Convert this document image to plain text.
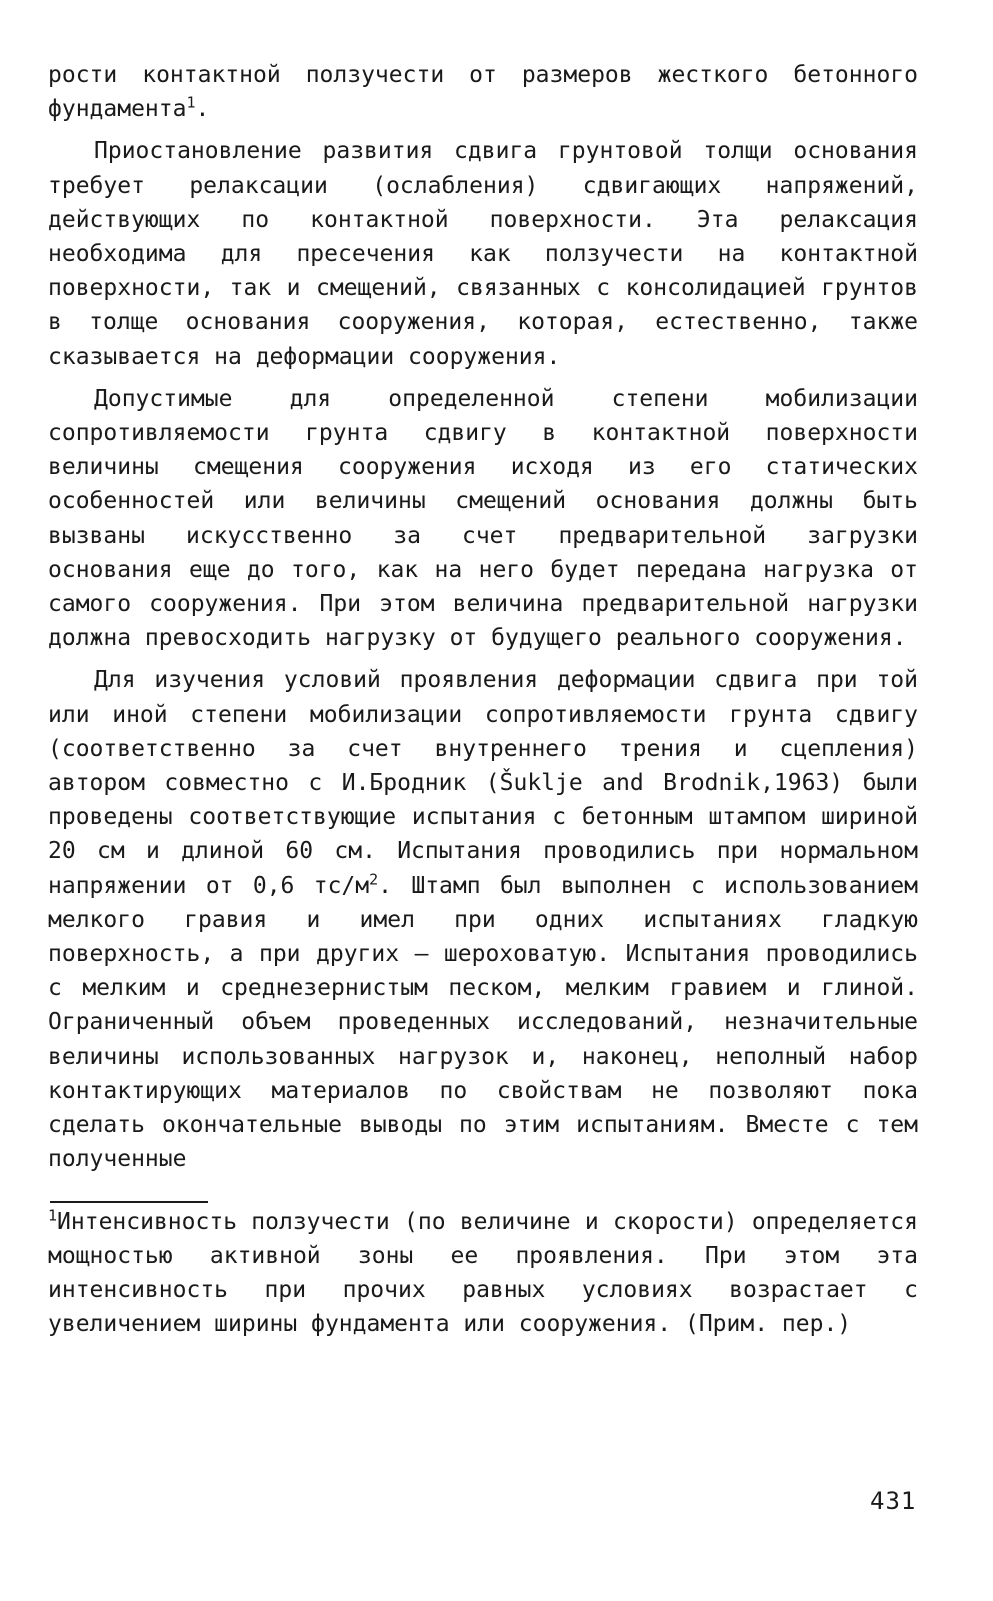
рости контактной ползучести от размеров жесткого бетонного фундамента$^1$.

Приостановление развития сдвига грунтовой толщи основания требует релаксации (ослабления) сдвигающих напряжений, действующих по контактной поверхности. Эта релаксация необходима для пресечения как ползучести на контактной поверхности, так и смещений, связанных с консолидацией грунтов в толще основания сооружения, которая, естественно, также сказывается на деформации сооружения.

Допустимые для определенной степени мобилизации сопротивляемости грунта сдвигу в контактной поверхности величины смещения сооружения исходя из его статических особенностей или величины смещений основания должны быть вызваны искусственно за счет предварительной загрузки основания еще до того, как на него будет передана нагрузка от самого сооружения. При этом величина предварительной нагрузки должна превосходить нагрузку от будущего реального сооружения.

Для изучения условий проявления деформации сдвига при той или иной степени мобилизации сопротивляемости грунта сдвигу (соответственно за счет внутреннего трения и сцепления) автором совместно с И.Бродник (Šuklje and Brodnik,1963) были проведены соответствующие испытания с бетонным штампом шириной 20 см и длиной 60 см. Испытания проводились при нормальном напряжении от 0,6 $тс/м^2$. Штамп был выполнен с использованием мелкого гравия и имел при одних испытаниях гладкую поверхность, а при других – шероховатую. Испытания проводились с мелким и среднезернистым песком, мелким гравием и глиной. Ограниченный объем проведенных исследований, незначительные величины использованных нагрузок и, наконец, неполный набор контактирующих материалов по свойствам не позволяют пока сделать окончательные выводы по этим испытаниям. Вместе с тем полученные

$^1$Интенсивность ползучести (по величине и скорости) определяется мощностью активной зоны ее проявления. При этом эта интенсивность при прочих равных условиях возрастает с увеличением ширины фундамента или сооружения. (Прим. пер.)

431
